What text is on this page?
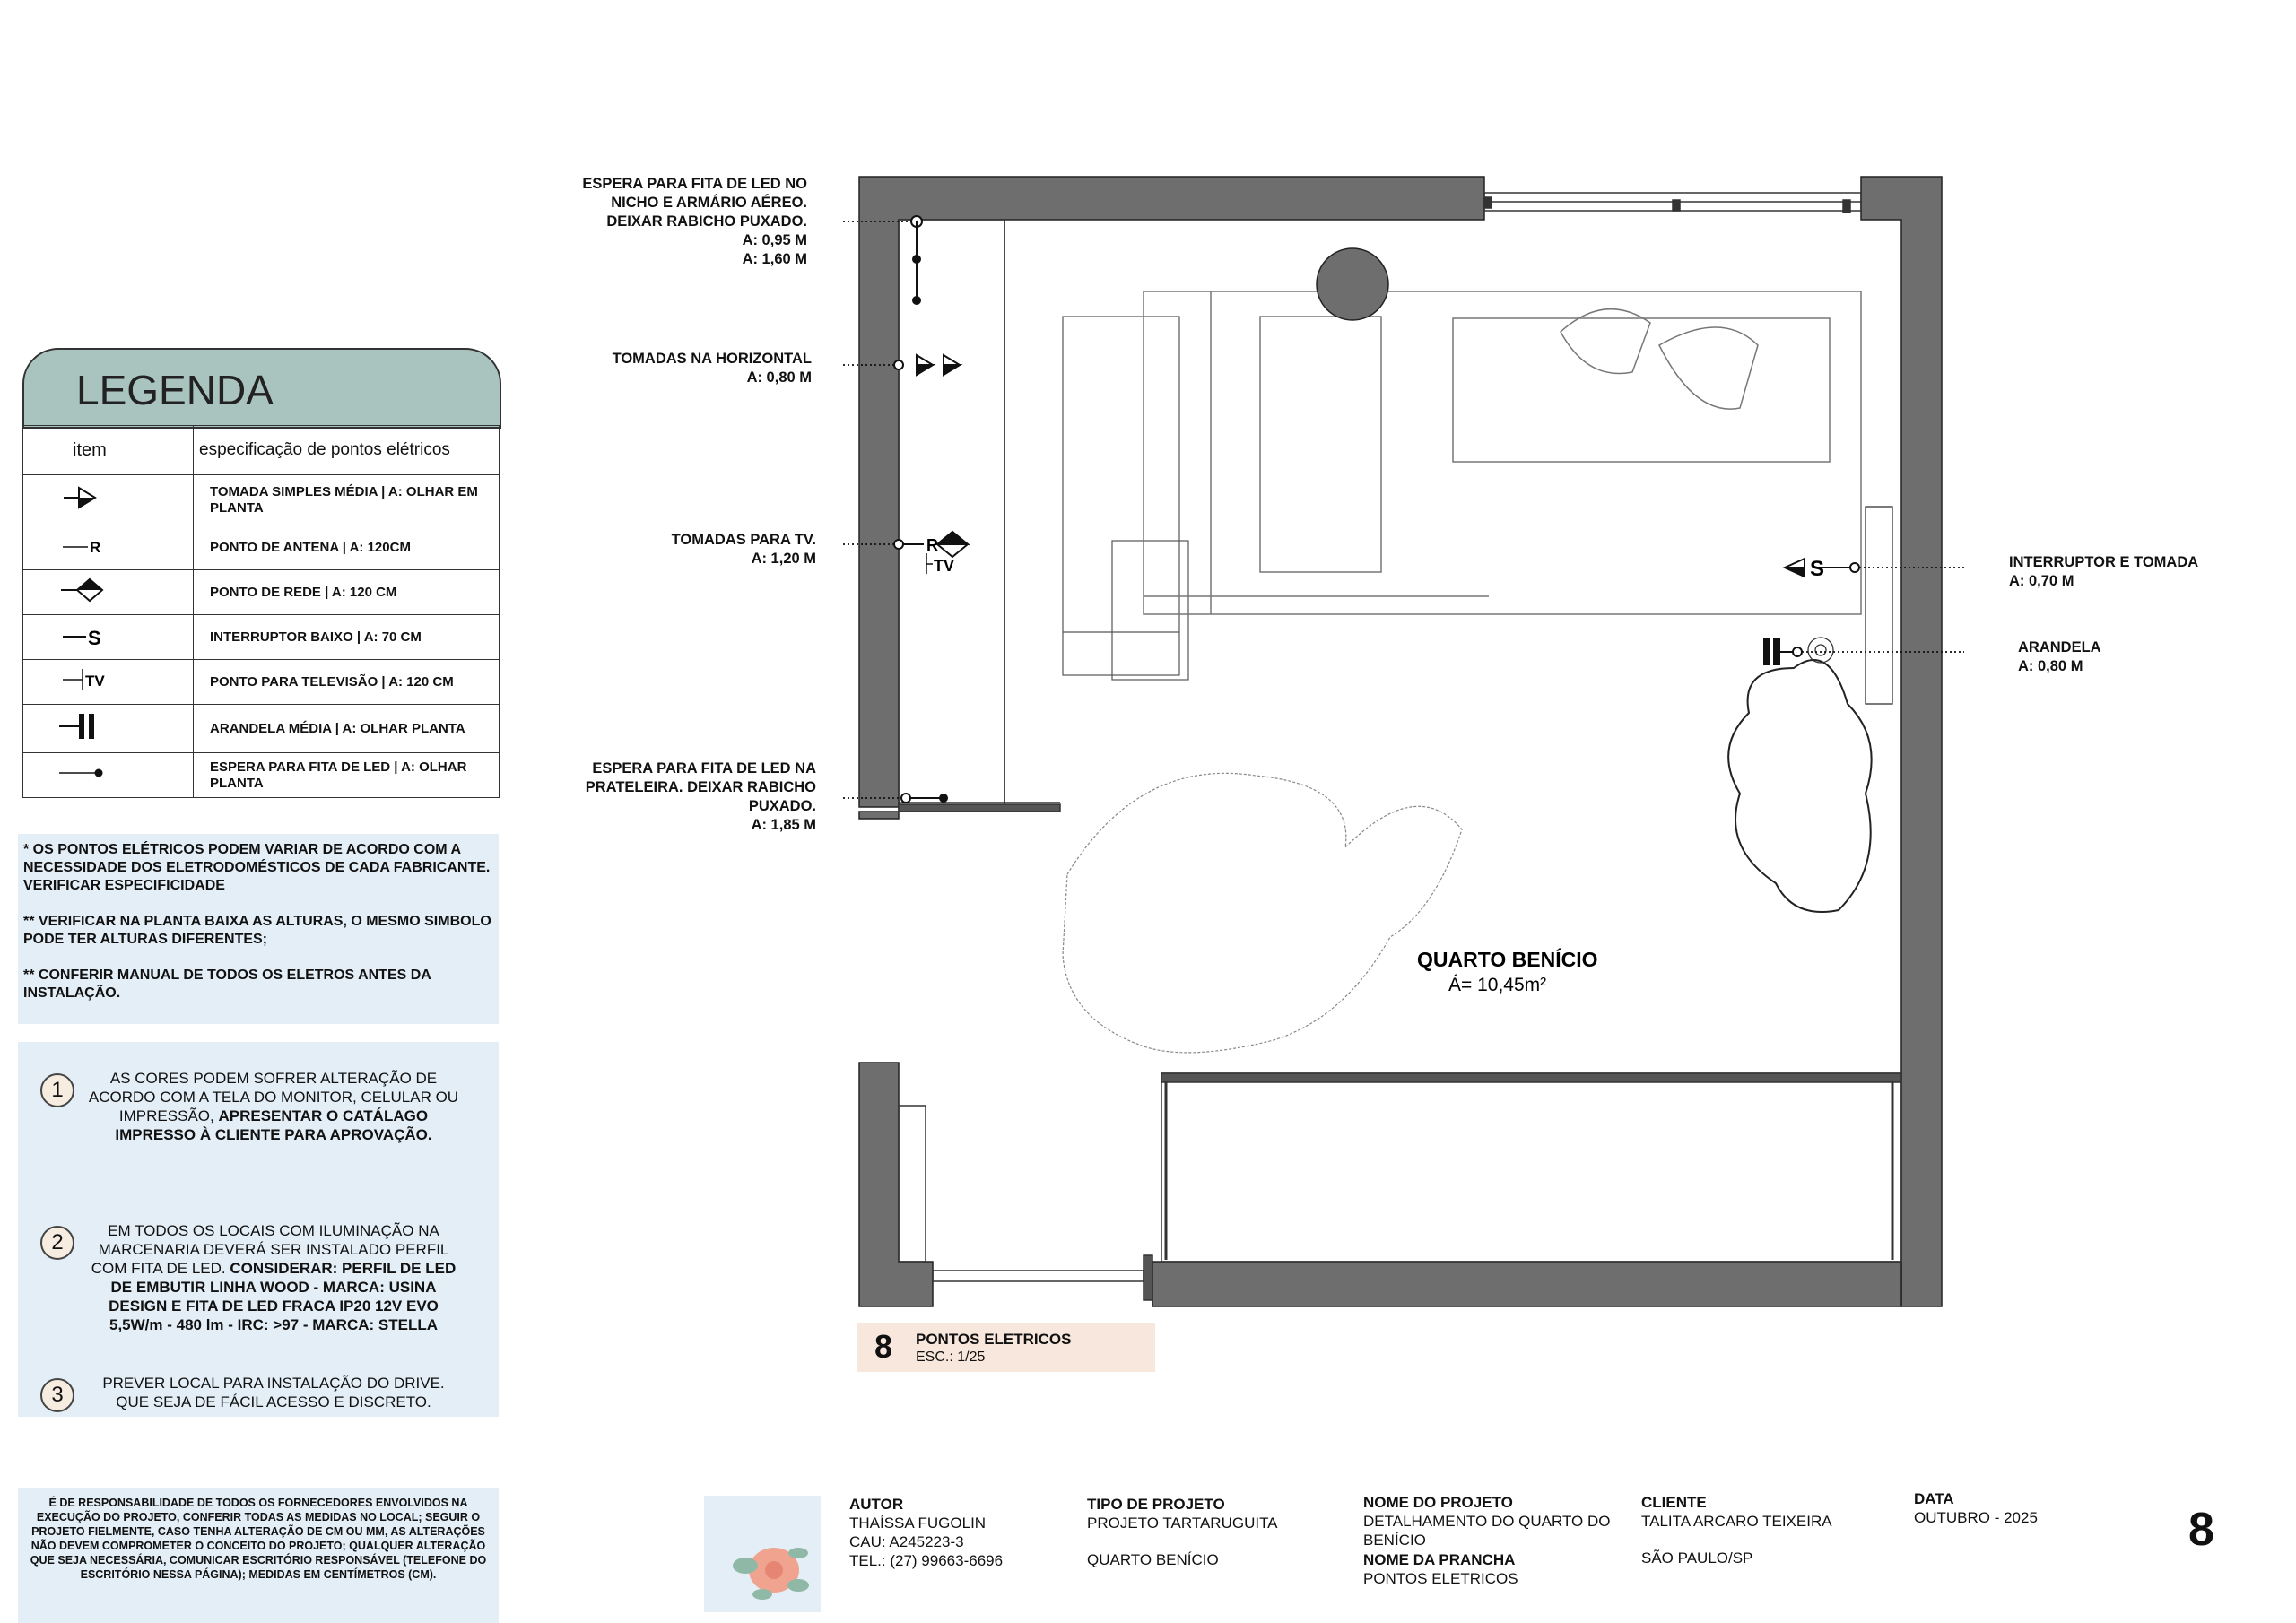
LEGENDA
item	especificação de pontos elétricos
	TOMADA SIMPLES MÉDIA | A: OLHAR EM PLANTA

R	PONTO DE ANTENA | A: 120CM
	PONTO DE REDE | A: 120 CM

S	INTERRUPTOR BAIXO | A: 70 CM

TV	PONTO PARA TELEVISÃO | A: 120 CM
	ARANDELA MÉDIA | A: OLHAR PLANTA
	ESPERA PARA FITA DE LED | A: OLHAR PLANTA

* OS PONTOS ELÉTRICOS PODEM VARIAR DE ACORDO COM A NECESSIDADE DOS ELETRODOMÉSTICOS DE CADA FABRICANTE. VERIFICAR ESPECIFICIDADE

** VERIFICAR NA PLANTA BAIXA AS ALTURAS, O MESMO SIMBOLO PODE TER ALTURAS DIFERENTES;

** CONFERIR MANUAL DE TODOS OS ELETROS ANTES DA INSTALAÇÃO.

1	AS CORES PODEM SOFRER ALTERAÇÃO DE ACORDO COM A TELA DO MONITOR, CELULAR OU IMPRESSÃO, APRESENTAR O CATÁLAGO IMPRESSO À CLIENTE PARA APROVAÇÃO.
2	EM TODOS OS LOCAIS COM ILUMINAÇÃO NA MARCENARIA DEVERÁ SER INSTALADO PERFIL COM FITA DE LED. CONSIDERAR: PERFIL DE LED DE EMBUTIR LINHA WOOD - MARCA: USINA DESIGN E FITA DE LED FRACA IP20 12V EVO 5,5W/m - 480 lm - IRC: >97 - MARCA: STELLA
3	PREVER LOCAL PARA INSTALAÇÃO DO DRIVE. QUE SEJA DE FÁCIL ACESSO E DISCRETO.
É DE RESPONSABILIDADE DE TODOS OS FORNECEDORES ENVOLVIDOS NA EXECUÇÃO DO PROJETO, CONFERIR TODAS AS MEDIDAS NO LOCAL; SEGUIR O PROJETO FIELMENTE, CASO TENHA ALTERAÇÃO DE CM OU MM, AS ALTERAÇÕES NÃO DEVEM COMPROMETER O CONCEITO DO PROJETO; QUALQUER ALTERAÇÃO QUE SEJA NECESSÁRIA, COMUNICAR ESCRITÓRIO RESPONSÁVEL (TELEFONE DO ESCRITÓRIO NESSA PÁGINA); MEDIDAS EM CENTÍMETROS (CM).
R
TV	S
QUARTO BENÍCIO
Á= 10,45m²
ESPERA PARA FITA DE LED NO
NICHO E ARMÁRIO AÉREO.
DEIXAR RABICHO PUXADO.
A: 0,95 M
A: 1,60 M
TOMADAS NA HORIZONTAL
A: 0,80 M
TOMADAS PARA TV.
A: 1,20 M
ESPERA PARA FITA DE LED NA
PRATELEIRA. DEIXAR RABICHO
PUXADO.
A: 1,85 M
INTERRUPTOR E TOMADA
A: 0,70 M
ARANDELA
A: 0,80 M
8 PONTOS ELETRICOS
ESC.: 1/25
AUTOR
THAÍSSA FUGOLIN
CAU: A245223-3
TEL.: (27) 99663-6696
TIPO DE PROJETO
PROJETO TARTARUGUITA
QUARTO BENÍCIO
NOME DO PROJETO
DETALHAMENTO DO QUARTO DO BENÍCIO
NOME DA PRANCHA
PONTOS ELETRICOS
CLIENTE
TALITA ARCARO TEIXEIRA
SÃO PAULO/SP
DATA
OUTUBRO - 2025	8
